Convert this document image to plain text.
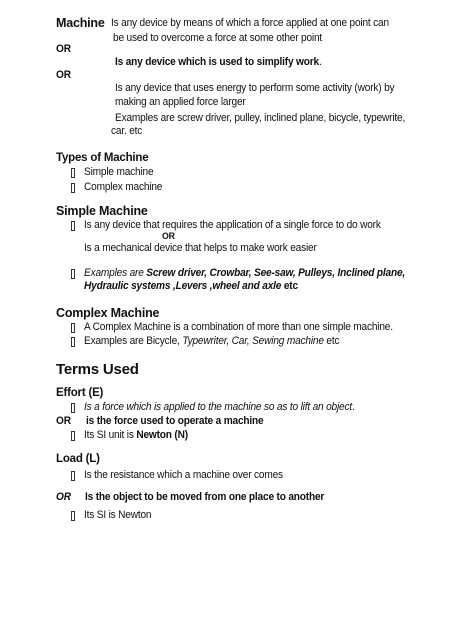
Machine Is any device by means of which a force applied at one point can
be used to overcome a force at some other point
OR
Is any device which is used to simplify work.
OR
Is any device that uses energy to perform some activity (work) by
making an applied force larger
Examples are screw driver, pulley, inclined plane, bicycle, typewrite,
car. etc
Types of Machine
Simple machine
Complex machine
Simple Machine
Is any device that requires the application of a single force to do work
OR
Is a mechanical device that helps to make work easier
Examples are Screw driver, Crowbar, See-saw, Pulleys, Inclined plane,
Hydraulic systems ,Levers ,wheel and axle etc
Complex Machine
A Complex Machine is a combination of more than one simple machine.
Examples are Bicycle, Typewriter, Car, Sewing machine etc
Terms Used
Effort (E)
Is a force which is applied to the machine so as to lift an object.
OR is the force used to operate a machine
Its SI unit is Newton (N)
Load (L)
Is the resistance which a machine over comes
OR Is the object to be moved from one place to another
Its SI is Newton
